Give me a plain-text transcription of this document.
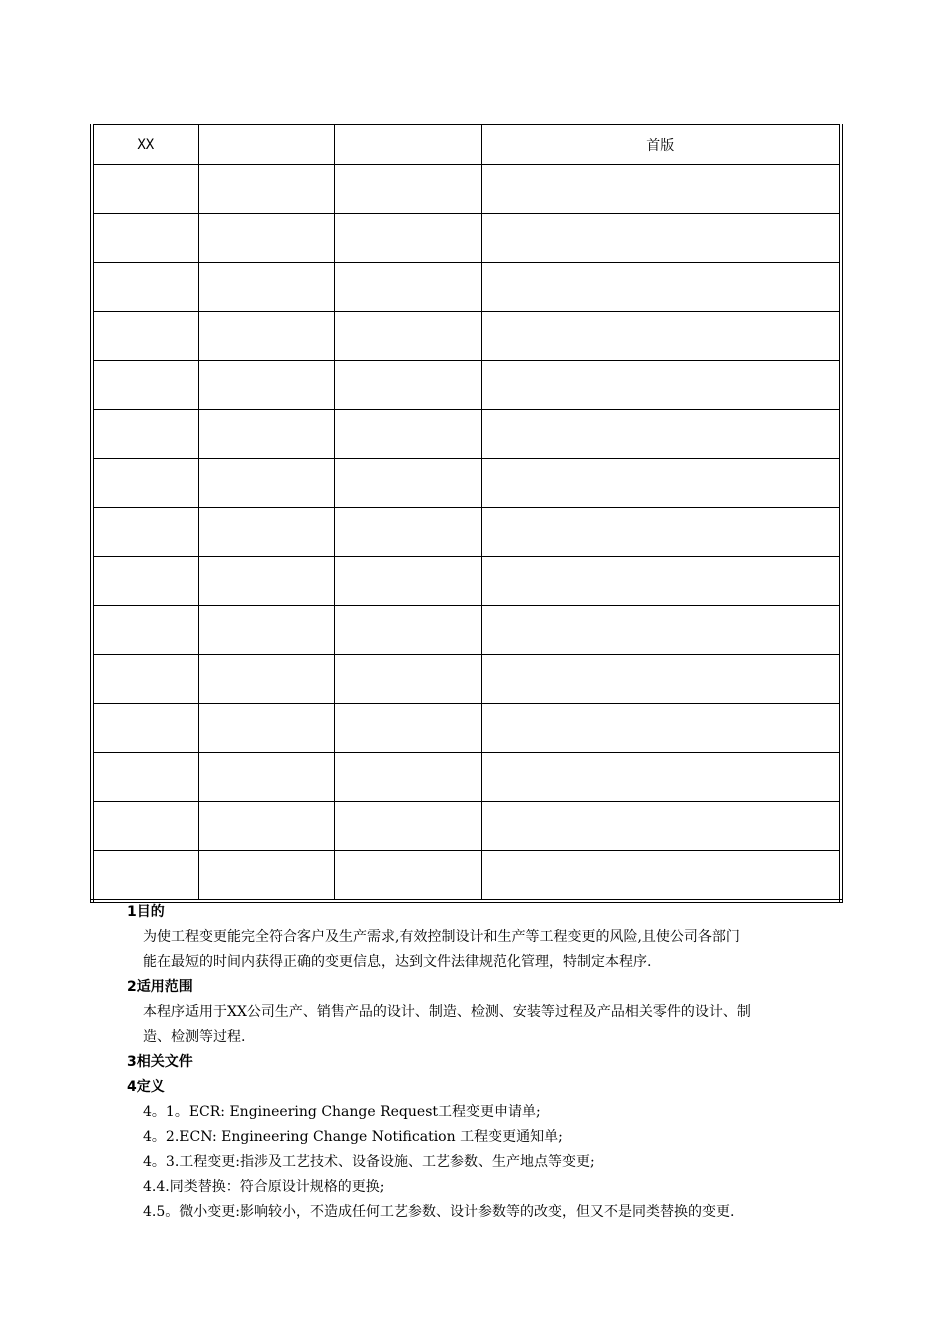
XX			首版

1目的
为使工程变更能完全符合客户及生产需求,有效控制设计和生产等工程变更的风险,且使公司各部门
能在最短的时间内获得正确的变更信息，达到文件法律规范化管理，特制定本程序.
2适用范围
本程序适用于XX公司生产、销售产品的设计、制造、检测、安装等过程及产品相关零件的设计、制
造、检测等过程.
3相关文件
4定义
4。1。ECR: Engineering Change Request工程变更申请单;
4。2.ECN: Engineering Change Notification 工程变更通知单;
4。3.工程变更:指涉及工艺技术、设备设施、工艺参数、生产地点等变更;
4.4.同类替换：符合原设计规格的更换;
4.5。微小变更:影响较小，不造成任何工艺参数、设计参数等的改变，但又不是同类替换的变更.
